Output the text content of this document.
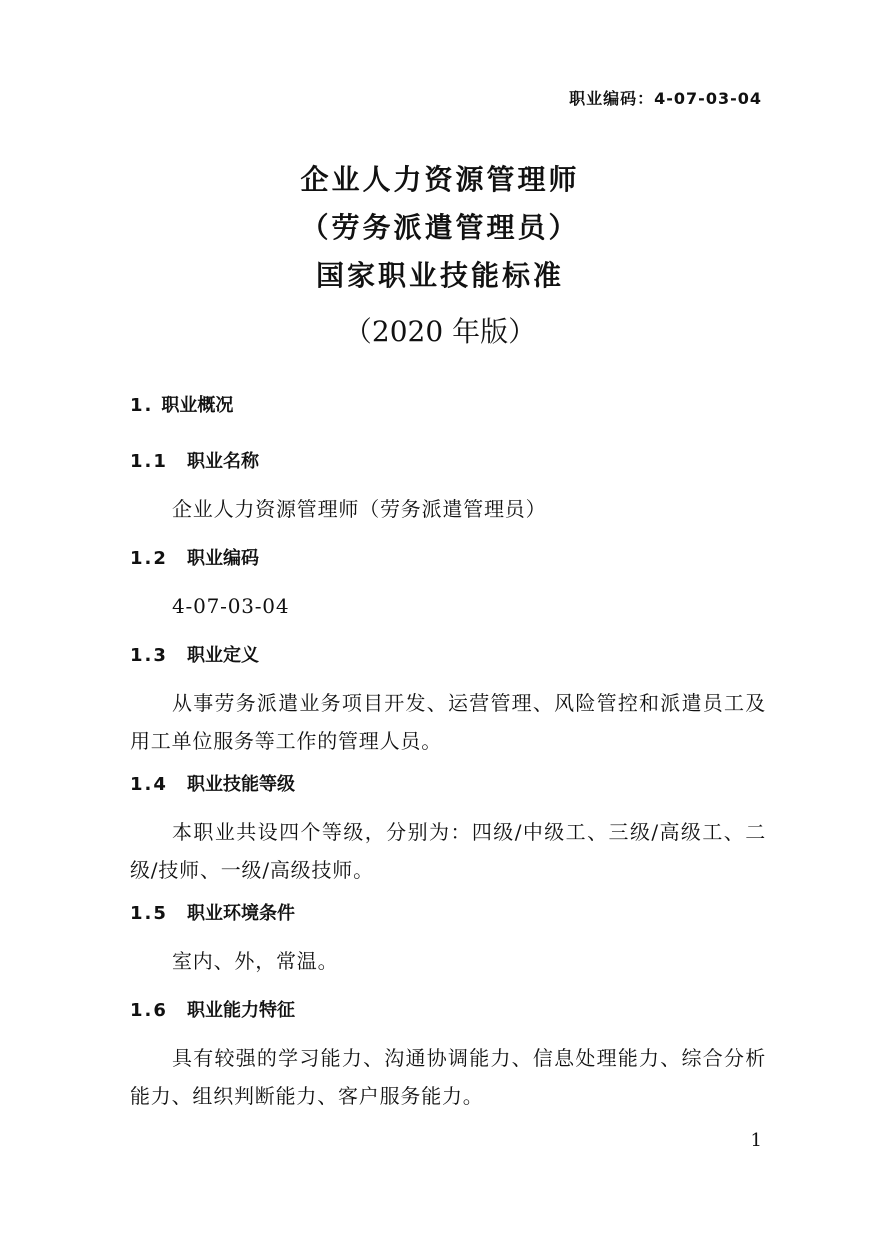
职业编码：4-07-03-04
企业人力资源管理师
（劳务派遣管理员）
国家职业技能标准
（2020 年版）
1. 职业概况
1.1 职业名称
企业人力资源管理师（劳务派遣管理员）
1.2 职业编码
4-07-03-04
1.3 职业定义
从事劳务派遣业务项目开发、运营管理、风险管控和派遣员工及用工单位服务等工作的管理人员。
1.4 职业技能等级
本职业共设四个等级，分别为：四级/中级工、三级/高级工、二级/技师、一级/高级技师。
1.5 职业环境条件
室内、外，常温。
1.6 职业能力特征
具有较强的学习能力、沟通协调能力、信息处理能力、综合分析能力、组织判断能力、客户服务能力。
1
